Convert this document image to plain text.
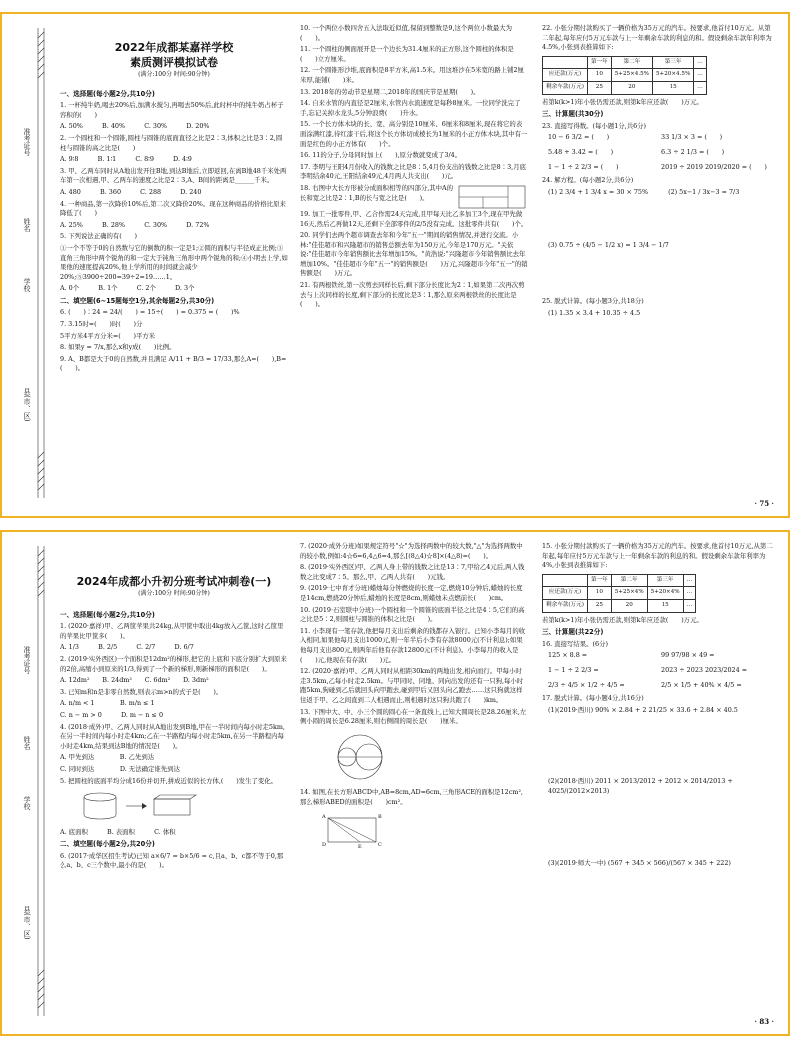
准考证号
姓名
学校
县(市、区)
2022年成都某嘉祥学校
素质测评模拟试卷
(满分:100分 时间:90分钟)
一、选择题(每小题2分,共10分)

1. 一杯纯牛奶,喝去20%后,加满水搅匀,再喝去50%后,此时杯中的纯牛奶占杯子容积的(　　)

A. 50%　　　B. 40%　　　C. 30%　　　D. 20%

2. 一个圆柱和一个圆锥,圆柱与圆锥的底面直径之比是2∶3,体积之比是3∶2,圆柱与圆锥的高之比是(　　)

A. 9∶8　　　B. 1∶1　　　C. 8∶9　　　D. 4∶9

3. 甲、乙两车同时从A地出发开往B地,到达B地后,立即返回,在离B地48千米处两车第一次相遇,甲、乙两车的速度之比是2∶3,A、B间的距离是______千米。

A. 480　　　B. 360　　　C. 288　　　D. 240

4. 一种商品,第一次降价10%后,第二次又降价20%。现在这种商品的价格比原来降低了(　　)

A. 25%　　　B. 28%　　　C. 30%　　　D. 72%

5. 下列说法正确的有(　　)

①一个不等于0的自然数与它的倒数的积一定是1;②圆的面积与半径成正比例;③直角三角形中两个锐角的和一定大于钝角三角形中两个锐角的和;④小明去上学,如果他的速度提高20%,他上学所用的时间就会减少20%;⑤3900÷200=39÷2=19……1。

A. 0个　　　B. 1个　　　C. 2个　　　D. 3个

二、填空题(6~15题每空1分,其余每题2分,共30分)

6. (　　)∶24 = 24/(　　) = 15÷(　　) = 0.375 = (　　)%

7. 3.15时=(　　)时(　　)分

5平方米4平方分米=(　　)平方米

8. 如果y = 7/x,那么x和y成(　　)比例。

9. A、B都是大于0的自然数,并且满足 A/11 + B/3 = 17/33,那么A=(　　),B=(　　)。

10. 一个两位小数四舍五入法取近似值,保留到整数是9,这个两位小数最大为(　　)。

11. 一个圆柱的侧面展开是一个边长为31.4厘米的正方形,这个圆柱的体积是(　　)立方厘米。

12. 一个圆锥形沙堆,底面积是8平方米,高1.5米。用这堆沙在5米宽的路上铺2厘米厚,能铺(　　)米。

13. 2018年的劳动节是星期二,2018年的国庆节是星期(　　)。

14. 自来水管的内直径是2厘米,水管内水流速度是每秒8厘米。一位同学洗完了手,忘记关掉水龙头,5分钟浪费(　　)升水。

15. 一个长方体木块的长、宽、高分别是10厘米、6厘米和8厘米,现在将它的表面涂满红漆,待红漆干后,将这个长方体切成棱长为1厘米的小正方体木块,其中有一面是红色的小正方体有(　　)个。

16. 11的分子,分母同时加上(　　),原分数就变成了3/4。

17. 李明与王阳4月份收入的钱数之比是8∶5,4月份支出的钱数之比是8∶3,月底李明结余40元,王阳结余49元,4月两人共支出(　　)元。

18. 右图中大长方形被分成面积相等的四部分,其中A的长和宽之比是2∶1,B的长与宽之比是(　　)。

19. 加工一批零件,甲、乙合作需24天完成,且甲每天比乙多加工3个,现在甲先做16天,然后乙再做12天,还剩下全部零件的2/5没有完成。这批零件共有(　　)个。

20. 同学们去两个超市调查去年和今年"五一"期间的销售情况,并进行交流。小林:"佳佳超市和兴隆超市的销售总额去年为150万元,今年是170万元。"关依说:"佳佳超市今年销售额比去年增加15%。"黄浩说:"兴隆超市今年销售额比去年增加10%。"佳佳超市今年"五一"的销售额是(　　)万元,兴隆超市今年"五一"的销售额是(　　)万元。

21. 有两根铁丝,第一次剪去同样长后,剩下部分长度比为2∶1,如果第二次再次剪去与上次同样的长度,剩下部分的长度比是3∶1,那么原来两根铁丝的长度比是(　　)。

22. 小张分期付款购买了一辆价格为35万元的汽车。按要求,他首付10万元。从第二年起,每年应付5万元车款与上一年剩余车款的利息的和。假设剩余车款年利率为4.5%,小张到表推算如下:

	第一年	第二年	第三年	…
应还款(万元)	10	5+25×4.5%	5+20×4.5%	…
剩余车款(万元)	25	20	15	…

若第k(k>1)年小张仍需还款,则第k年应还款(　　)万元。

三、计算题(共30分)

23. 直接写得数。(每小题1分,共6分)

10 − 6 3/2 = (　　)	33 1/3 × 3 = (　　)
5.48 + 3.42 = (　　)	6.3 ÷ 2 1/3 = (　　)
1 − 1 ÷ 2 2/3 = (　　)	2019 ÷ 2019 2019/2020 = (　　)

24. 解方程。(每小题2分,共6分)

(1) 2 3/4 + 1 3/4 x = 30 × 75%	(2) 5x−1 / 3x−3 = 7/3

(3) 0.75 ÷ (4/5 − 1/2 x) = 1 3/4 − 1/7

25. 脱式计算。(每小题3分,共18分)

(1) 1.35 × 3.4 + 10.35 ÷ 4.5

· 75 ·
准考证号
姓名
学校
县(市、区)
2024年成都小升初分班考试冲刺卷(一)
(满分:100分 时间:90分钟)
一、选择题(每小题2分,共10分)

1. (2020·嘉祥)甲、乙两筐苹果共24kg,从甲筐中取出4kg放入乙筐,这时乙筐里的苹果比甲筐多(　　)。

A. 1/3　　　B. 2/5　　　C. 2/7　　　D. 6/7

2. (2019·实外西区)一个面积是12dm²的梯形,把它的上底和下底分别扩大到原来的2倍,高缩小到原来的1/3,得到了一个新的梯形,则新梯形的面积是(　　)。

A. 12dm²　　B. 24dm²　　C. 6dm²　　D. 3dm²

3. 已知m和n是非零自然数,则表示m>n的式子是(　　)。

A. n/m < 1　　　　B. m/n ≤ 1

C. n − m > 0　　　D. m − n ≤ 0

4. (2018·成外)甲、乙两人同时从A地出发到B地,甲在一半时间内每小时走5km,在另一半时间内每小时走4km;乙在一半路程内每小时走5km,在另一半路程内每小时走4km,结果到达B地的情况是(　　)。

A. 甲先到达　　　　B. 乙先到达

C. 同时到达　　　　D. 无法确定谁先到达

5. 把圆柱的底面平均分成16份并切开,拼成近似的长方体,(　　)发生了变化。

A. 底面积　　　B. 表面积　　　C. 体积

二、填空题(每小题2分,共20分)

6. (2017·成华区招生考试)已知 a×6/7 = b×5/6 = c,且a、b、c都不等于0,那么a、b、c三个数中,最小的是(　　)。

7. (2020·成外分班)如果规定符号"☆"为选择两数中的较大数,"△"为选择两数中的较小数,例如:4☆6=6,4△6=4,那么[(8△4)☆8]×(4△8)=(　　)。

8. (2019·实外西区)甲、乙两人身上带的钱数之比是13∶7,甲给乙4元后,两人钱数之比变成7∶5。那么,甲、乙两人共有(　　)元钱。

9. (2019·七中育才分班)蜡烛每分钟燃烧的长度一定,燃烧10分钟后,蜡烛的长度是14cm,燃烧20分钟后,蜡烛的长度是8cm,则蜡烛未点燃前长(　　)cm。

10. (2019·石室联中分班)一个圆柱和一个圆锥的底面半径之比是4∶5,它们的高之比是5∶2,则圆柱与圆锥的体积之比是(　　)。

11. 小李现有一笔存款,他把每月支出后剩余的钱都存入银行。已知小李每月的收入相同,如果他每月支出1000元,则一年半后小李有存款8000元(不计利息);如果他每月支出800元,则两年后他有存款12800元(不计利息)。小李每月的收入是(　　)元,他现在有存款(　　)元。

12. (2020·嘉祥)甲、乙两人同时从相距30km的两地出发,相向而行。甲每小时走3.5km,乙每小时走2.5km。与甲同时、同地、同向出发的还有一只狗,每小时跑5km,狗碰到乙后就回头向甲跑去,碰到甲后又回头向乙跑去……这只狗就这样往返于甲、乙之间直到二人相遇而止,则相遇时这只狗共跑了(　　)km。

13. 下图中大、中、小三个圆的圆心在一条直线上,已知大圆周长是28.26厘米,左侧小圆的周长是6.28厘米,则右侧圆的周长是(　　)厘米。

14. 如图,在长方形ABCD中,AB=8cm,AD=6cm,三角形ACE的面积是12cm²,那么梯形ABED的面积是(　　)cm²。

A	B
D	C
E

15. 小张分期付款购买了一辆价格为35万元的汽车。按要求,他首付10万元,从第二年起,每年应付5万元车款与上一年剩余车款的利息的和。假设剩余车款年利率为4%,小张到表推算如下:

	第一年	第二年	第三年	…
应还款(万元)	10	5+25×4%	5+20×4%	…
剩余车款(万元)	25	20	15	…

若第k(k>1)年小张仍需还款,则第k年应还款(　　)万元。

三、计算题(共22分)

16. 直接写结果。(6分)

125 × 8.8 =	99 97/98 × 49 =
1 − 1 ÷ 2 2/3 =	2023 ÷ 2023 2023/2024 =
2/3 ÷ 4/5 × 1/2 ÷ 4/5 =	2/5 × 1/5 + 40% × 4/5 =

17. 脱式计算。(每小题4分,共16分)

(1)(2019·西川) 90% × 2.84 + 2 21/25 × 33.6 + 2.84 × 40.5

(2)(2018·西川) 2011 × 2013/2012 + 2012 × 2014/2013 + 4025/(2012×2013)

(3)(2019·师大一中) (567 + 345 × 566)/(567 × 345 + 222)

· 83 ·
